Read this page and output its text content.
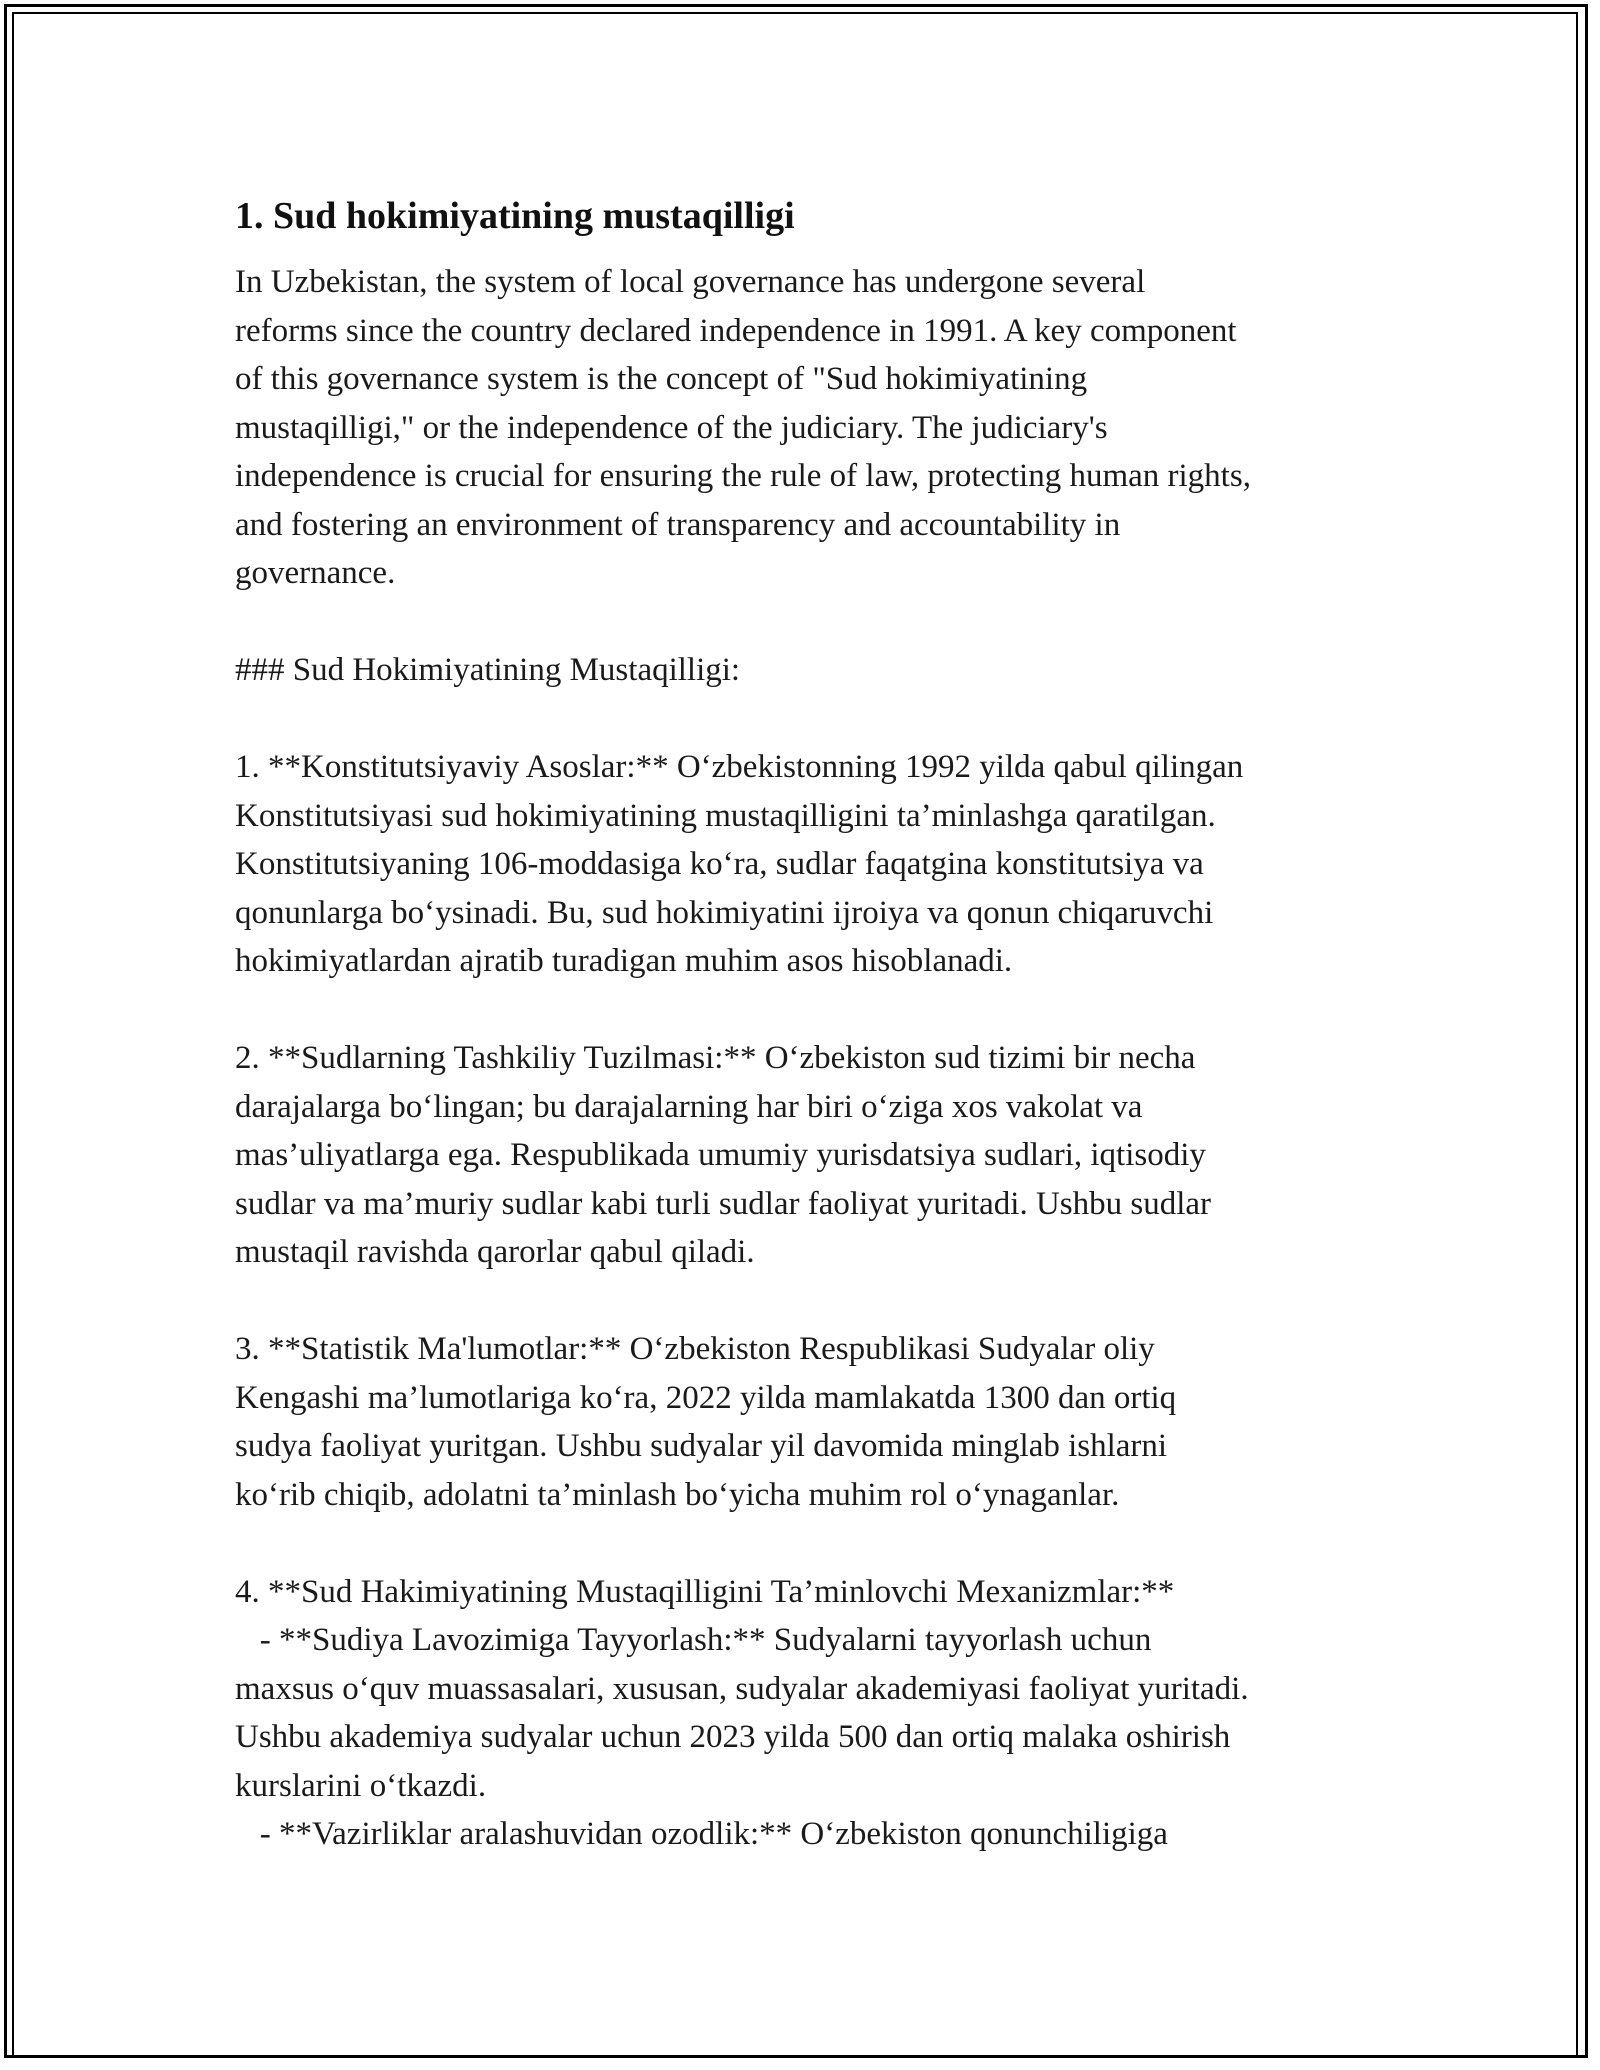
1. Sud hokimiyatining mustaqilligi

In Uzbekistan, the system of local governance has undergone several
reforms since the country declared independence in 1991. A key component
of this governance system is the concept of "Sud hokimiyatining
mustaqilligi," or the independence of the judiciary. The judiciary's
independence is crucial for ensuring the rule of law, protecting human rights,
and fostering an environment of transparency and accountability in
governance.

### Sud Hokimiyatining Mustaqilligi:

1. **Konstitutsiyaviy Asoslar:** O‘zbekistonning 1992 yilda qabul qilingan
Konstitutsiyasi sud hokimiyatining mustaqilligini ta’minlashga qaratilgan.
Konstitutsiyaning 106-moddasiga ko‘ra, sudlar faqatgina konstitutsiya va
qonunlarga bo‘ysinadi. Bu, sud hokimiyatini ijroiya va qonun chiqaruvchi
hokimiyatlardan ajratib turadigan muhim asos hisoblanadi.

2. **Sudlarning Tashkiliy Tuzilmasi:** O‘zbekiston sud tizimi bir necha
darajalarga bo‘lingan; bu darajalarning har biri o‘ziga xos vakolat va
mas’uliyatlarga ega. Respublikada umumiy yurisdatsiya sudlari, iqtisodiy
sudlar va ma’muriy sudlar kabi turli sudlar faoliyat yuritadi. Ushbu sudlar
mustaqil ravishda qarorlar qabul qiladi.

3. **Statistik Ma'lumotlar:** O‘zbekiston Respublikasi Sudyalar oliy
Kengashi ma’lumotlariga ko‘ra, 2022 yilda mamlakatda 1300 dan ortiq
sudya faoliyat yuritgan. Ushbu sudyalar yil davomida minglab ishlarni
ko‘rib chiqib, adolatni ta’minlash bo‘yicha muhim rol o‘ynaganlar.

4. **Sud Hakimiyatining Mustaqilligini Ta’minlovchi Mexanizmlar:**
- **Sudiya Lavozimiga Tayyorlash:** Sudyalarni tayyorlash uchun
maxsus o‘quv muassasalari, xususan, sudyalar akademiyasi faoliyat yuritadi.
Ushbu akademiya sudyalar uchun 2023 yilda 500 dan ortiq malaka oshirish
kurslarini o‘tkazdi.
- **Vazirliklar aralashuvidan ozodlik:** O‘zbekiston qonunchiligiga
